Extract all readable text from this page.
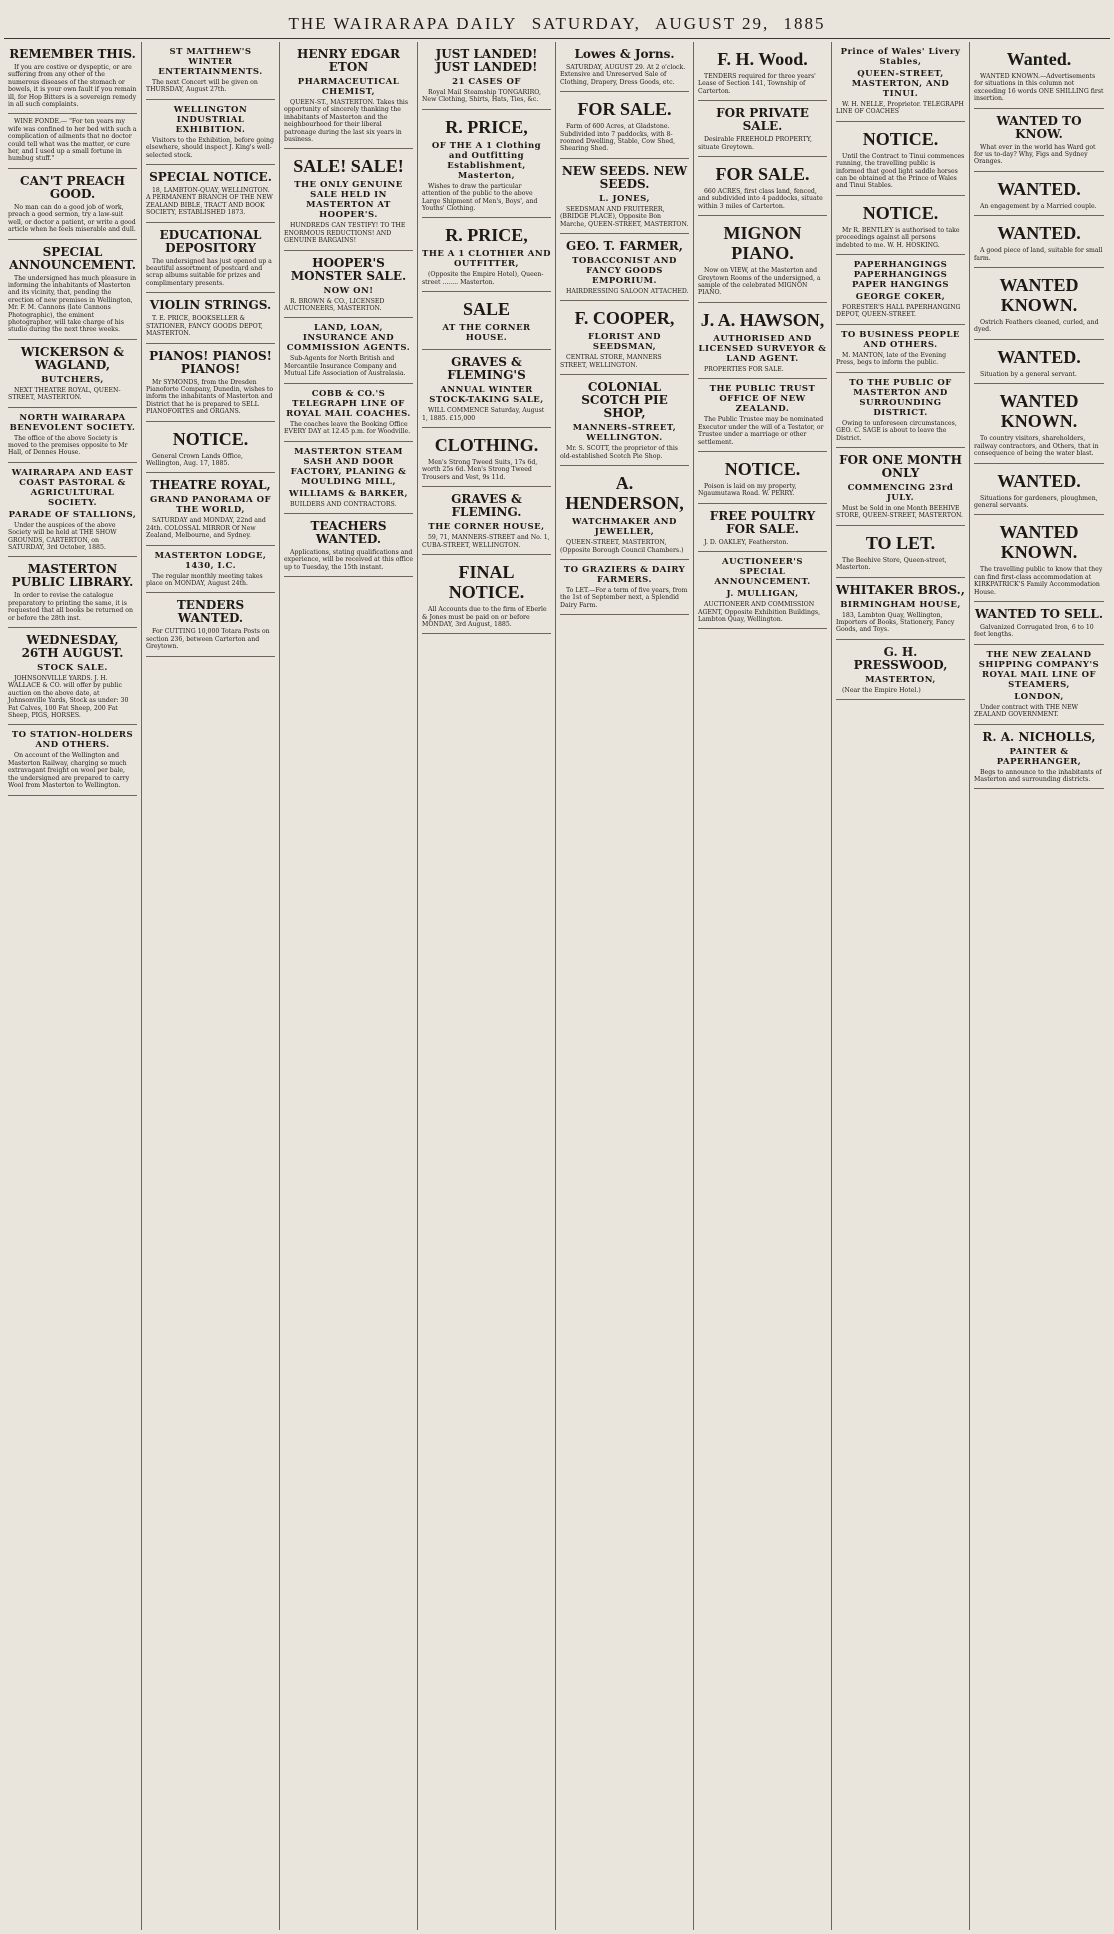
THE WAIRARAPA DAILY SATURDAY, AUGUST 29, 1885
REMEMBER THIS.
If you are costive or dyspeptic, or are suffering from any other of the numerous diseases of the stomach or bowels, it is your own fault if you remain ill, for Hop Bitters is a sovereign remedy in all such complaints.
WINE FONDE.— "For ten years my wife was confined to her bed with such a complication of ailments that no doctor could tell what was the matter, or cure her, and I used up a small fortune in humbug stuff."
CAN'T PREACH GOOD.
No man can do a good job of work, preach a good sermon, try a law-suit well, or doctor a patient, or write a good article when he feels miserable and dull.
SPECIAL ANNOUNCEMENT.
The undersigned has much pleasure in informing the inhabitants of Masterton and its vicinity, that, pending the erection of new premises in Wellington, Mr. F. M. Cannons (late Cannons Photographic), the eminent photographer, will take charge of his studio during the next three weeks.
WICKERSON & WAGLAND,
BUTCHERS,
NEXT THEATRE ROYAL, QUEEN-STREET, MASTERTON.
NORTH WAIRARAPA BENEVOLENT SOCIETY.
The office of the above Society is moved to the premises opposite to Mr Hall, of Dennes House.
WAIRARAPA AND EAST COAST PASTORAL & AGRICULTURAL SOCIETY.
PARADE OF STALLIONS,
Under the auspices of the above Society will be held at THE SHOW GROUNDS, CARTERTON, on SATURDAY, 3rd October, 1885.
MASTERTON PUBLIC LIBRARY.
In order to revise the catalogue preparatory to printing the same, it is requested that all books be returned on or before the 28th inst.
WEDNESDAY, 26TH AUGUST.
STOCK SALE.
JOHNSONVILLE YARDS. J. H. WALLACE & CO. will offer by public auction on the above date, at Johnsonville Yards, Stock as under: 30 Fat Calves, 100 Fat Sheep, 200 Fat Sheep, PIGS, HORSES.
TO STATION-HOLDERS AND OTHERS.
On account of the Wellington and Masterton Railway, charging so much extravagant freight on wool per bale, the undersigned are prepared to carry Wool from Masterton to Wellington.
ST MATTHEW'S WINTER ENTERTAINMENTS.
The next Concert will be given on THURSDAY, August 27th.
WELLINGTON INDUSTRIAL EXHIBITION.
Visitors to the Exhibition, before going elsewhere, should inspect J. King's well-selected stock.
SPECIAL NOTICE.
18, LAMBTON-QUAY, WELLINGTON. A PERMANENT BRANCH OF THE NEW ZEALAND BIBLE, TRACT AND BOOK SOCIETY, ESTABLISHED 1873.
EDUCATIONAL DEPOSITORY
The undersigned has just opened up a beautiful assortment of postcard and scrap albums suitable for prizes and complimentary presents.
VIOLIN STRINGS.
T. E. PRICE, BOOKSELLER & STATIONER, FANCY GOODS DEPOT, MASTERTON.
PIANOS! PIANOS! PIANOS!
Mr SYMONDS, from the Dresden Pianoforte Company, Dunedin, wishes to inform the inhabitants of Masterton and District that he is prepared to SELL PIANOFORTES and ORGANS.
NOTICE.
General Crown Lands Office, Wellington, Aug. 17, 1885.
THEATRE ROYAL,
GRAND PANORAMA OF THE WORLD,
SATURDAY and MONDAY, 22nd and 24th. COLOSSAL MIRROR Of New Zealand, Melbourne, and Sydney.
MASTERTON LODGE, 1430, I.C.
The regular monthly meeting takes place on MONDAY, August 24th.
TENDERS WANTED.
For CUTTING 10,000 Totara Posts on section 236, between Carterton and Greytown.
HENRY EDGAR ETON
PHARMACEUTICAL CHEMIST,
QUEEN-ST., MASTERTON. Takes this opportunity of sincerely thanking the inhabitants of Masterton and the neighbourhood for their liberal patronage during the last six years in business.
SALE! SALE!
THE ONLY GENUINE SALE HELD IN MASTERTON AT HOOPER'S.
HUNDREDS CAN TESTIFY! TO THE ENORMOUS REDUCTIONS! AND GENUINE BARGAINS!
HOOPER'S MONSTER SALE.
NOW ON!
R. BROWN & CO., LICENSED AUCTIONEERS, MASTERTON.
LAND, LOAN, INSURANCE AND COMMISSION AGENTS.
Sub-Agents for North British and Mercantile Insurance Company and Mutual Life Association of Australasia.
COBB & CO.'S TELEGRAPH LINE OF ROYAL MAIL COACHES.
The coaches leave the Booking Office EVERY DAY at 12.45 p.m. for Woodville.
MASTERTON STEAM SASH AND DOOR FACTORY, PLANING & MOULDING MILL,
WILLIAMS & BARKER,
BUILDERS AND CONTRACTORS.
TEACHERS WANTED.
Applications, stating qualifications and experience, will be received at this office up to Tuesday, the 15th instant.
JUST LANDED! JUST LANDED!
21 CASES OF
Royal Mail Steamship TONGARIRO, New Clothing, Shirts, Hats, Ties, &c.
R. PRICE,
OF THE A 1 Clothing and Outfitting Establishment, Masterton,
Wishes to draw the particular attention of the public to the above Large Shipment of Men's, Boys', and Youths' Clothing.
R. PRICE,
THE A 1 CLOTHIER AND OUTFITTER,
(Opposite the Empire Hotel), Queen-street ........ Masterton.
SALE
AT THE CORNER HOUSE.
GRAVES & FLEMING'S
ANNUAL WINTER STOCK-TAKING SALE,
WILL COMMENCE Saturday, August 1, 1885. £15,000
CLOTHING.
Men's Strong Tweed Suits, 17s 6d, worth 25s 6d. Men's Strong Tweed Trousers and Vest, 9s 11d.
GRAVES & FLEMING.
THE CORNER HOUSE,
59, 71, MANNERS-STREET and No. 1, CUBA-STREET, WELLINGTON.
FINAL NOTICE.
All Accounts due to the firm of Eberle & Jones must be paid on or before MONDAY, 3rd August, 1885.
Lowes & Jorns.
SATURDAY, AUGUST 29. At 2 o'clock. Extensive and Unreserved Sale of Clothing, Drapery, Dress Goods, etc.
FOR SALE.
Farm of 600 Acres, at Gladstone. Subdivided into 7 paddocks, with 8-roomed Dwelling, Stable, Cow Shed, Shearing Shed.
NEW SEEDS. NEW SEEDS.
L. JONES,
SEEDSMAN AND FRUITERER, (BRIDGE PLACE), Opposite Bon Marche, QUEEN-STREET, MASTERTON.
GEO. T. FARMER,
TOBACCONIST AND FANCY GOODS EMPORIUM.
HAIRDRESSING SALOON ATTACHED.
F. COOPER,
FLORIST AND SEEDSMAN,
CENTRAL STORE, MANNERS STREET, WELLINGTON.
COLONIAL SCOTCH PIE SHOP,
MANNERS-STREET, WELLINGTON.
Mr. S. SCOTT, the proprietor of this old-established Scotch Pie Shop.
A. HENDERSON,
WATCHMAKER AND JEWELLER,
QUEEN-STREET, MASTERTON, (Opposite Borough Council Chambers.)
TO GRAZIERS & DAIRY FARMERS.
To LET.—For a term of five years, from the 1st of September next, a Splendid Dairy Farm.
F. H. Wood.
TENDERS required for three years' Lease of Section 141, Township of Carterton.
FOR PRIVATE SALE.
Desirable FREEHOLD PROPERTY, situate Greytown.
FOR SALE.
660 ACRES, first class land, fenced, and subdivided into 4 paddocks, situate within 3 miles of Carterton.
MIGNON PIANO.
Now on VIEW, at the Masterton and Greytown Rooms of the undersigned, a sample of the celebrated MIGNON PIANO.
J. A. HAWSON,
AUTHORISED AND LICENSED SURVEYOR & LAND AGENT.
PROPERTIES FOR SALE.
THE PUBLIC TRUST OFFICE OF NEW ZEALAND.
The Public Trustee may be nominated Executor under the will of a Testator, or Trustee under a marriage or other settlement.
NOTICE.
Poison is laid on my property, Ngaumutawa Road. W. PERRY.
FREE POULTRY FOR SALE.
J. D. OAKLEY, Featherston.
AUCTIONEER'S SPECIAL ANNOUNCEMENT.
J. MULLIGAN,
AUCTIONEER AND COMMISSION AGENT, Opposite Exhibition Buildings, Lambton Quay, Wellington.
Prince of Wales' Livery Stables,
QUEEN-STREET, MASTERTON, AND TINUI.
W. H. NELLE, Proprietor. TELEGRAPH LINE OF COACHES
NOTICE.
Until the Contract to Tinui commences running, the travelling public is informed that good light saddle horses can be obtained at the Prince of Wales and Tinui Stables.
NOTICE.
Mr R. BENTLEY is authorised to take proceedings against all persons indebted to me. W. H. HOSKING.
PAPERHANGINGS PAPERHANGINGS PAPER HANGINGS
GEORGE COKER,
FORESTER'S HALL PAPERHANGING DEPOT, QUEEN-STREET.
TO BUSINESS PEOPLE AND OTHERS.
M. MANTON, late of the Evening Press, begs to inform the public.
TO THE PUBLIC OF MASTERTON AND SURROUNDING DISTRICT.
Owing to unforeseen circumstances, GEO. C. SAGE is about to leave the District.
FOR ONE MONTH ONLY
COMMENCING 23rd JULY.
Must be Sold in one Month BEEHIVE STORE, QUEEN-STREET, MASTERTON.
TO LET.
The Beehive Store, Queen-street, Masterton.
WHITAKER BROS.,
BIRMINGHAM HOUSE,
183, Lambton Quay, Wellington, Importers of Books, Stationery, Fancy Goods, and Toys.
G. H. PRESSWOOD,
MASTERTON,
(Near the Empire Hotel.)
Wanted.
WANTED KNOWN.—Advertisements for situations in this column not exceeding 16 words ONE SHILLING first insertion.
WANTED TO KNOW.
What ever in the world has Ward got for us to-day? Why, Figs and Sydney Oranges.
WANTED.
An engagement by a Married couple.
WANTED.
A good piece of land, suitable for small farm.
WANTED KNOWN.
Ostrich Feathers cleaned, curled, and dyed.
WANTED.
Situation by a general servant.
WANTED KNOWN.
To country visitors, shareholders, railway contractors, and Others, that in consequence of being the water blast.
WANTED.
Situations for gardeners, ploughmen, general servants.
WANTED KNOWN.
The travelling public to know that they can find first-class accommodation at KIRKPATRICK'S Family Accommodation House.
WANTED TO SELL.
Galvanized Corrugated Iron, 6 to 10 feet lengths.
THE NEW ZEALAND SHIPPING COMPANY'S ROYAL MAIL LINE OF STEAMERS,
LONDON,
Under contract with THE NEW ZEALAND GOVERNMENT.
R. A. NICHOLLS,
PAINTER & PAPERHANGER,
Begs to announce to the inhabitants of Masterton and surrounding districts.
